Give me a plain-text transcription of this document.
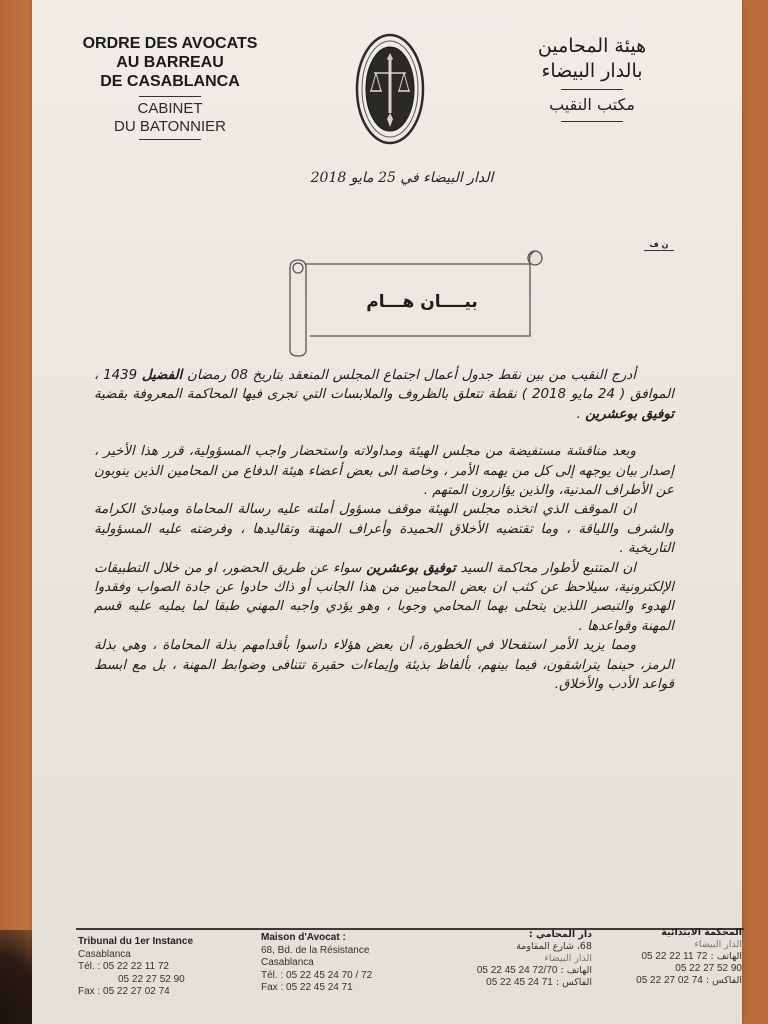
ORDRE DES AVOCATS
AU BARREAU
DE CASABLANCA
CABINET
DU BATONNIER
هيئة المحامين
بالدار البيضاء
مكتب النقيب
الدار البيضاء في 25 مايو 2018
ن ف
بيــــان هـــام

أدرج النقيب من بين نقط جدول أعمال اجتماع المجلس المنعقد بتاريخ 08 رمضان الفضيل 1439 ، الموافق ( 24 مايو 2018 ) نقطة تتعلق بالظروف والملابسات التي تجرى فيها المحاكمة المعروفة بقضية توفيق بوعشرين .

وبعد مناقشة مستفيضة من مجلس الهيئة ومداولاته واستحضار واجب المسؤولية، قرر هذا الأخير ، إصدار بيان يوجهه إلى كل من يهمه الأمر ، وخاصة الى بعض أعضاء هيئة الدفاع من المحامين الذين ينوبون عن الأطراف المدنية، والذين يؤازرون المتهم .

ان الموقف الذي اتخذه مجلس الهيئة موقف مسؤول أملته عليه رسالة المحاماة ومبادئ الكرامة والشرف واللياقة ، وما تقتضيه الأخلاق الحميدة وأعراف المهنة وتقاليدها ، وفرضته عليه المسؤولية التاريخية .

ان المتتبع لأطوار محاكمة السيد توفيق بوعشرين سواء عن طريق الحضور، او من خلال التطبيقات الإلكترونية، سيلاحظ عن كثب ان بعض المحامين من هذا الجانب أو ذاك حادوا عن جادة الصواب وفقدوا الهدوء والتبصر اللذين يتحلى بهما المحامي وجوبا ، وهو يؤدي واجبه المهني طبقا لما يمليه عليه قسم المهنة وقواعدها .

ومما يزيد الأمر استفحالا في الخطورة، أن بعض هؤلاء داسوا بأقدامهم بذلة المحاماة ، وهي بذلة الرمز، حينما يتراشقون، فيما بينهم، بألفاظ بذيئة وإيماءات حقيرة تتنافى وضوابط المهنة ، بل مع ابسط قواعد الأدب والأخلاق.

Tribunal du 1er Instance
Casablanca
Tél. : 05 22 22 11 72
05 22 27 52 90
Fax : 05 22 27 02 74
Maison d'Avocat :
68, Bd. de la Résistance
Casablanca
Tél. : 05 22 45 24 70 / 72
Fax : 05 22 45 24 71
دار المحامي :
68، شارع المقاومة
الدار البيضاء
الهاتف : 05 22 45 24 72/70
الفاكس : 05 22 45 24 71
المحكمة الابتدائية
الدار البيضاء
الهاتف : 05 22 22 11 72
05 22 27 52 90
الفاكس : 05 22 27 02 74
